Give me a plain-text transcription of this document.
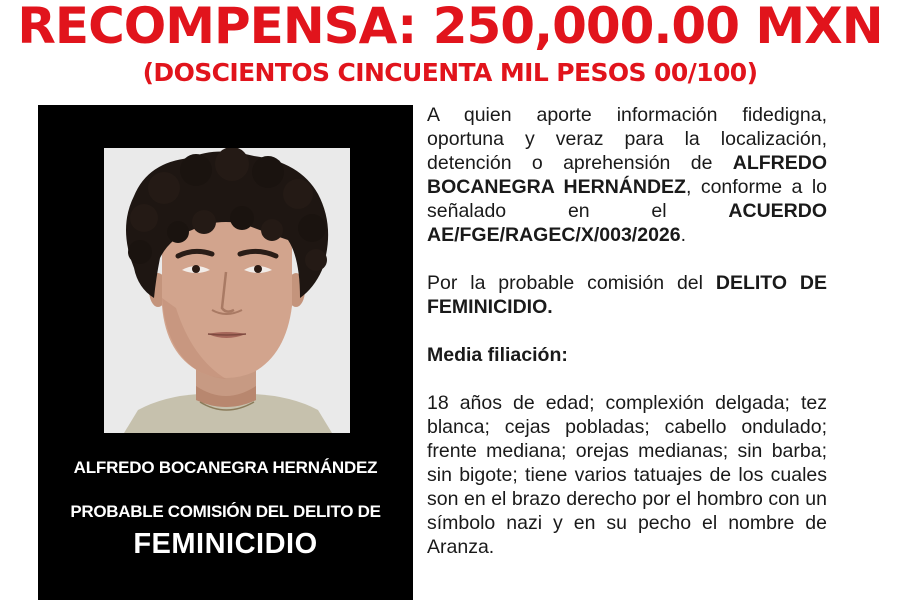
RECOMPENSA: 250,000.00 MXN
(DOSCIENTOS CINCUENTA MIL PESOS 00/100)
ALFREDO BOCANEGRA HERNÁNDEZ
PROBABLE COMISIÓN DEL DELITO DE
FEMINICIDIO

A quien aporte información fidedigna, oportuna y veraz para la localización, detención o aprehensión de ALFREDO BOCANEGRA HERNÁNDEZ, conforme a lo señalado en el ACUERDO AE/FGE/RAGEC/X/003/2026.

Por la probable comisión del DELITO DE FEMINICIDIO.

Media filiación:

18 años de edad; complexión delgada; tez blanca; cejas pobladas; cabello ondulado; frente mediana; orejas medianas; sin barba; sin bigote; tiene varios tatuajes de los cuales son en el brazo derecho por el hombro con un símbolo nazi y en su pecho el nombre de Aranza.
